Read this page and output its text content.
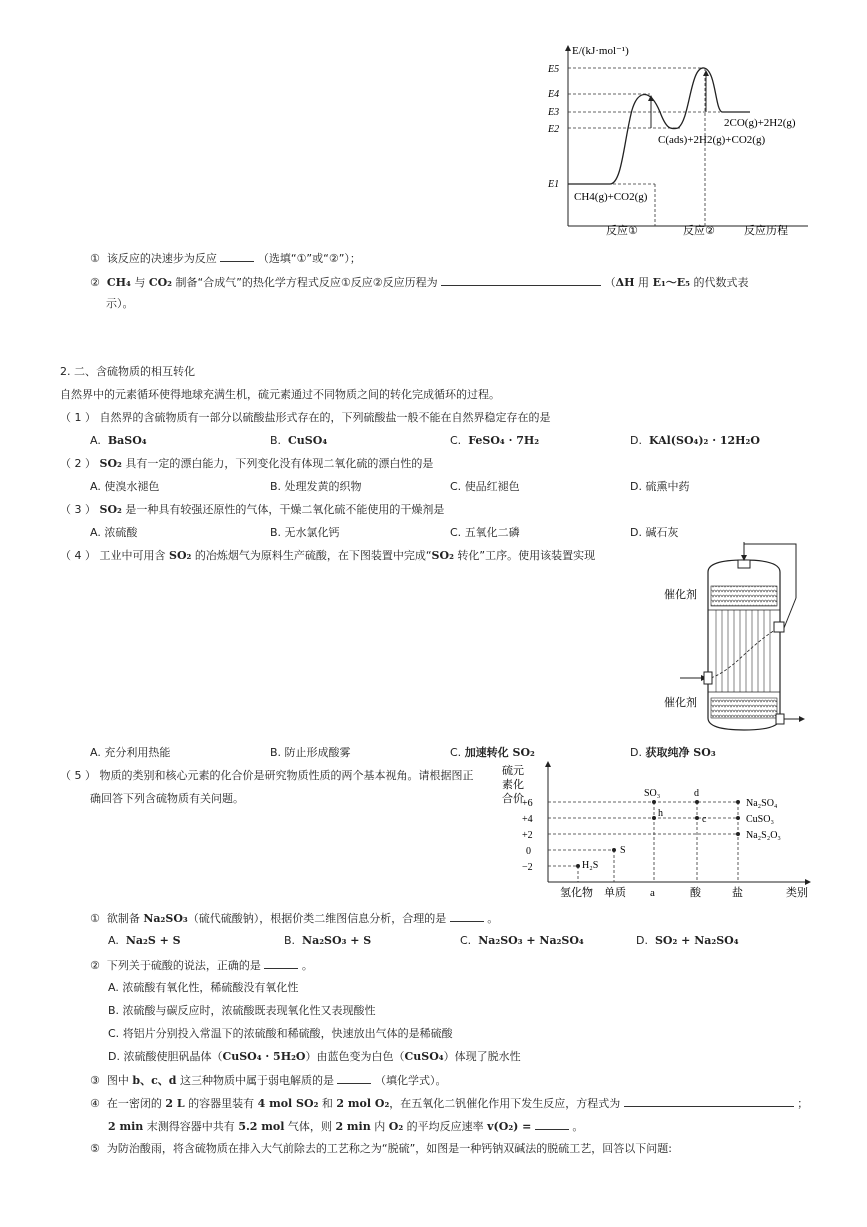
E/(kJ·mol⁻¹)
E5
E4
E3
E2
E1
2CO(g)+2H2(g)
C(ads)+2H2(g)+CO2(g)
CH4(g)+CO2(g)
反应①	反应②	反应历程
① 该反应的决速步为反应	（选填“①”或“②”）；
② CH₄ 与 CO₂ 制备“合成气”的热化学方程式反应①反应②反应历程为	（ΔH 用 E₁～E₅ 的代数式表
示）。
2. 二、含硫物质的相互转化
自然界中的元素循环使得地球充满生机，硫元素通过不同物质之间的转化完成循环的过程。
（ 1 ） 自然界的含硫物质有一部分以硫酸盐形式存在的，下列硫酸盐一般不能在自然界稳定存在的是
A. BaSO₄	B. CuSO₄	C. FeSO₄ · 7H₂	D. KAl(SO₄)₂ · 12H₂O
（ 2 ） SO₂ 具有一定的漂白能力，下列变化没有体现二氧化硫的漂白性的是
A. 使溴水褪色	B. 处理发黄的织物	C. 使品红褪色	D. 硫熏中药
（ 3 ） SO₂ 是一种具有较强还原性的气体，干燥二氧化硫不能使用的干燥剂是
A. 浓硫酸	B. 无水氯化钙	C. 五氧化二磷	D. 碱石灰
（ 4 ） 工业中可用含 SO₂ 的冶炼烟气为原料生产硫酸，在下图装置中完成“SO₂ 转化”工序。使用该装置实现
催化剂
催化剂
A. 充分利用热能	B. 防止形成酸雾	C. 加速转化 SO₂	D. 获取纯净 SO₃
（ 5 ） 物质的类别和核心元素的化合价是研究物质性质的两个基本视角。请根据图正
确回答下列含硫物质有关问题。
硫元
素化
合价
+6
+4
+2
0
−2
SO₃	d
Na₂SO₄
h
c	CuSO₃
Na₂S₂O₃
S
H₂S
氢化物 单质 a	酸	盐	类别
① 欲制备 Na₂SO₃（硫代硫酸钠），根据价类二维图信息分析，合理的是	。
A. Na₂S + S	B. Na₂SO₃ + S	C. Na₂SO₃ + Na₂SO₄	D. SO₂ + Na₂SO₄
② 下列关于硫酸的说法，正确的是	。
A. 浓硫酸有氧化性，稀硫酸没有氧化性
B. 浓硫酸与碳反应时，浓硫酸既表现氧化性又表现酸性
C. 将铝片分别投入常温下的浓硫酸和稀硫酸，快速放出气体的是稀硫酸
D. 浓硫酸使胆矾晶体（CuSO₄ · 5H₂O）由蓝色变为白色（CuSO₄）体现了脱水性
③ 图中 b、c、d 这三种物质中属于弱电解质的是	（填化学式）。
④ 在一密闭的 2 L 的容器里装有 4 mol SO₂ 和 2 mol O₂，在五氧化二钒催化作用下发生反应，方程式为	；
2 min 末测得容器中共有 5.2 mol 气体，则 2 min 内 O₂ 的平均反应速率 v(O₂) =	。
⑤ 为防治酸雨，将含硫物质在排入大气前除去的工艺称之为“脱硫”，如图是一种钙钠双碱法的脱硫工艺，回答以下问题:
